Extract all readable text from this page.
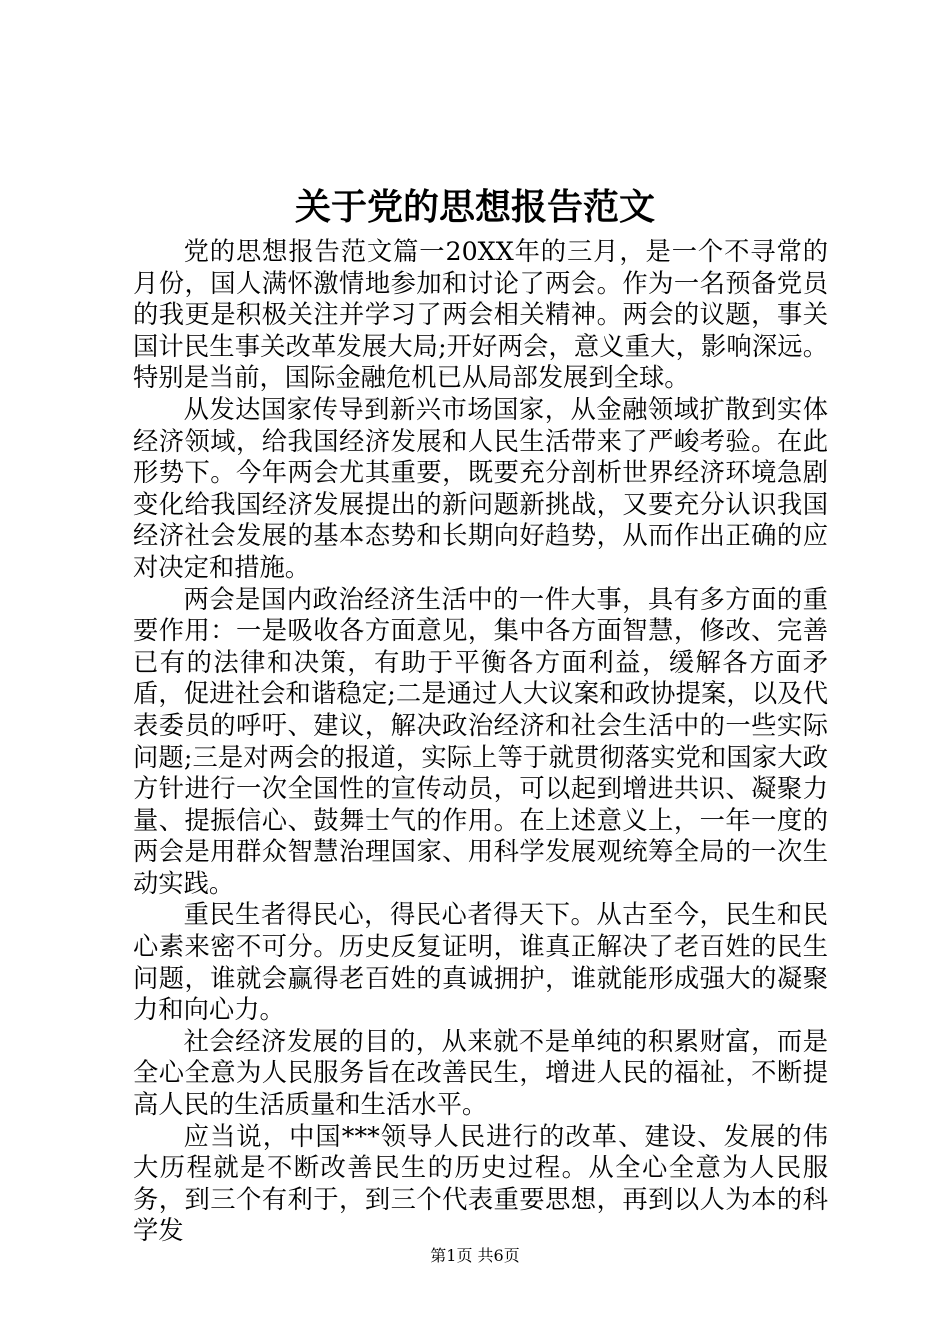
关于党的思想报告范文

党的思想报告范文篇一20XX年的三月，是一个不寻常的月份，国人满怀激情地参加和讨论了两会。作为一名预备党员的我更是积极关注并学习了两会相关精神。两会的议题，事关国计民生事关改革发展大局;开好两会，意义重大，影响深远。特别是当前，国际金融危机已从局部发展到全球。

从发达国家传导到新兴市场国家，从金融领域扩散到实体经济领域，给我国经济发展和人民生活带来了严峻考验。在此形势下。今年两会尤其重要，既要充分剖析世界经济环境急剧变化给我国经济发展提出的新问题新挑战，又要充分认识我国经济社会发展的基本态势和长期向好趋势，从而作出正确的应对决定和措施。

两会是国内政治经济生活中的一件大事，具有多方面的重要作用：一是吸收各方面意见，集中各方面智慧，修改、完善已有的法律和决策，有助于平衡各方面利益，缓解各方面矛盾，促进社会和谐稳定;二是通过人大议案和政协提案，以及代表委员的呼吁、建议，解决政治经济和社会生活中的一些实际问题;三是对两会的报道，实际上等于就贯彻落实党和国家大政方针进行一次全国性的宣传动员，可以起到增进共识、凝聚力量、提振信心、鼓舞士气的作用。在上述意义上，一年一度的两会是用群众智慧治理国家、用科学发展观统筹全局的一次生动实践。

重民生者得民心，得民心者得天下。从古至今，民生和民心素来密不可分。历史反复证明，谁真正解决了老百姓的民生问题，谁就会赢得老百姓的真诚拥护，谁就能形成强大的凝聚力和向心力。

社会经济发展的目的，从来就不是单纯的积累财富，而是全心全意为人民服务旨在改善民生，增进人民的福祉，不断提高人民的生活质量和生活水平。

应当说，中国***领导人民进行的改革、建设、发展的伟大历程就是不断改善民生的历史过程。从全心全意为人民服务，到三个有利于，到三个代表重要思想，再到以人为本的科学发

第1页 共6页
